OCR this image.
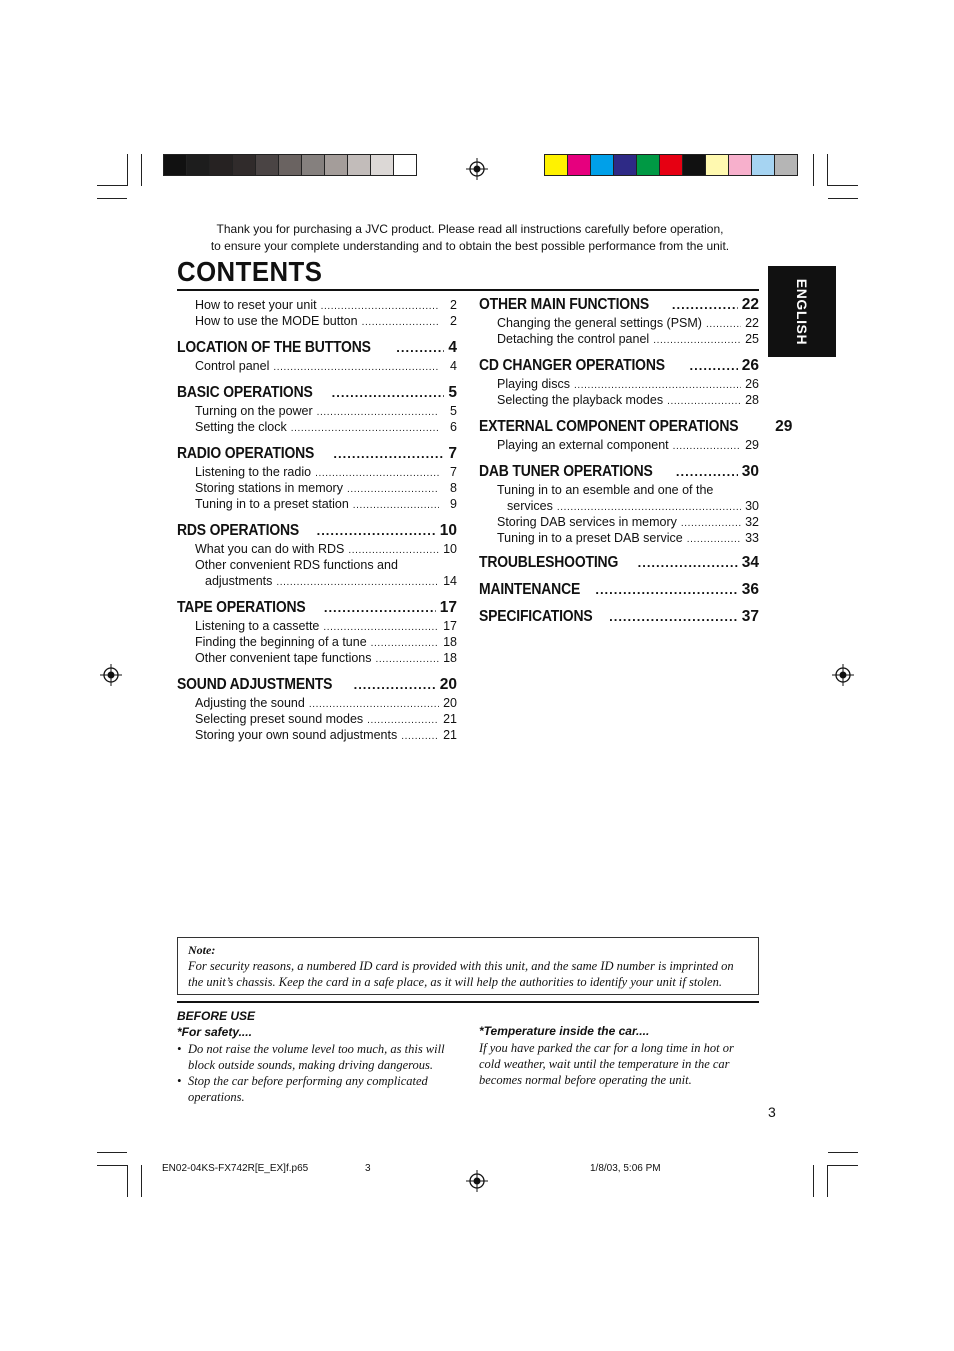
Thank you for purchasing a JVC product. Please read all instructions carefully before operation,
to ensure your complete understanding and to obtain the best possible performance from the unit.
CONTENTS
ENGLISH
How to reset your unit .....	2
How to use the MODE button .....	2
LOCATION OF THE BUTTONS .....	4
Control panel .....	4
BASIC OPERATIONS .....	5
Turning on the power .....	5
Setting the clock .....	6
RADIO OPERATIONS .....	7
Listening to the radio .....	7
Storing stations in memory .....	8
Tuning in to a preset station .....	9
RDS OPERATIONS .....	10
What you can do with RDS .....	10
Other convenient RDS functions and
adjustments .....	14
TAPE OPERATIONS .....	17
Listening to a cassette .....	17
Finding the beginning of a tune .....	18
Other convenient tape functions .....	18
SOUND ADJUSTMENTS .....	20
Adjusting the sound .....	20
Selecting preset sound modes .....	21
Storing your own sound adjustments .....	21
OTHER MAIN FUNCTIONS .....	22
Changing the general settings (PSM) .....	22
Detaching the control panel .....	25
CD CHANGER OPERATIONS .....	26
Playing discs .....	26
Selecting the playback modes .....	28
EXTERNAL COMPONENT OPERATIONS 29
Playing an external component .....	29
DAB TUNER OPERATIONS .....	30
Tuning in to an esemble and one of the
services .....	30
Storing DAB services in memory .....	32
Tuning in to a preset DAB service .....	33
TROUBLESHOOTING .....	34
MAINTENANCE .....	36
SPECIFICATIONS .....	37
Note:
For security reasons, a numbered ID card is provided with this unit, and the same ID number is imprinted on
the unit’s chassis. Keep the card in a safe place, as it will help the authorities to identify your unit if stolen.
BEFORE USE
*For safety....
• Do not raise the volume level too much, as this will
block outside sounds, making driving dangerous.
• Stop the car before performing any complicated
operations.
*Temperature inside the car....
If you have parked the car for a long time in hot or
cold weather, wait until the temperature in the car
becomes normal before operating the unit.
3
EN02-04KS-FX742R[E_EX]f.p65	3	1/8/03, 5:06 PM
